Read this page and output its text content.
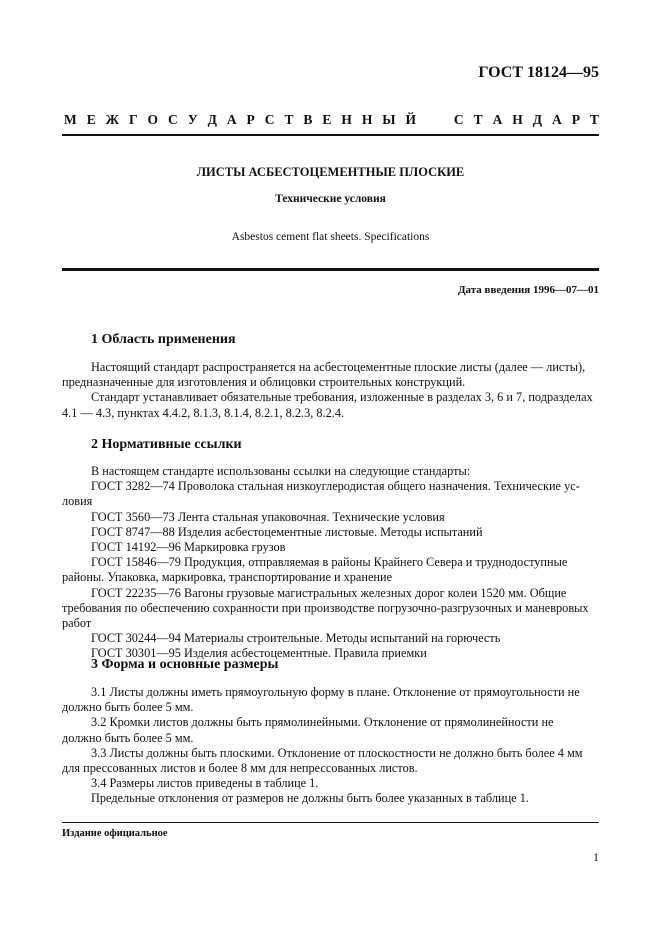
ГОСТ 18124—95
М Е Ж Г О С У Д А Р С Т В Е Н Н Ы Й	С Т А Н Д А Р Т
ЛИСТЫ АСБЕСТОЦЕМЕНТНЫЕ ПЛОСКИЕ
Технические условия
Asbestos cement flat sheets. Specifications
Дата введения 1996—07—01
1 Область применения

Настоящий стандарт распространяется на асбестоцементные плоские листы (далее — листы),

предназначенные для изготовления и облицовки строительных конструкций.

Стандарт устанавливает обязательные требования, изложенные в разделах 3, 6 и 7, подразделах

4.1 — 4.3, пунктах 4.4.2, 8.1.3, 8.1.4, 8.2.1, 8.2.3, 8.2.4.

2 Нормативные ссылки

В настоящем стандарте использованы ссылки на следующие стандарты:

ГОСТ 3282—74 Проволока стальная низкоуглеродистая общего назначения. Технические ус-

ловия

ГОСТ 3560—73 Лента стальная упаковочная. Технические условия

ГОСТ 8747—88 Изделия асбестоцементные листовые. Методы испытаний

ГОСТ 14192—96 Маркировка грузов

ГОСТ 15846—79 Продукция, отправляемая в районы Крайнего Севера и труднодоступные

районы. Упаковка, маркировка, транспортирование и хранение

ГОСТ 22235—76 Вагоны грузовые магистральных железных дорог колеи 1520 мм. Общие

требования по обеспечению сохранности при производстве погрузочно-разгрузочных и маневровых

работ

ГОСТ 30244—94 Материалы строительные. Методы испытаний на горючесть

ГОСТ 30301—95 Изделия асбестоцементные. Правила приемки

3 Форма и основные размеры

3.1 Листы должны иметь прямоугольную форму в плане. Отклонение от прямоугольности не

должно быть более 5 мм.

3.2 Кромки листов должны быть прямолинейными. Отклонение от прямолинейности не

должно быть более 5 мм.

3.3 Листы должны быть плоскими. Отклонение от плоскостности не должно быть более 4 мм

для прессованных листов и более 8 мм для непрессованных листов.

3.4 Размеры листов приведены в таблице 1.

Предельные отклонения от размеров не должны быть более указанных в таблице 1.

Издание официальное
1
